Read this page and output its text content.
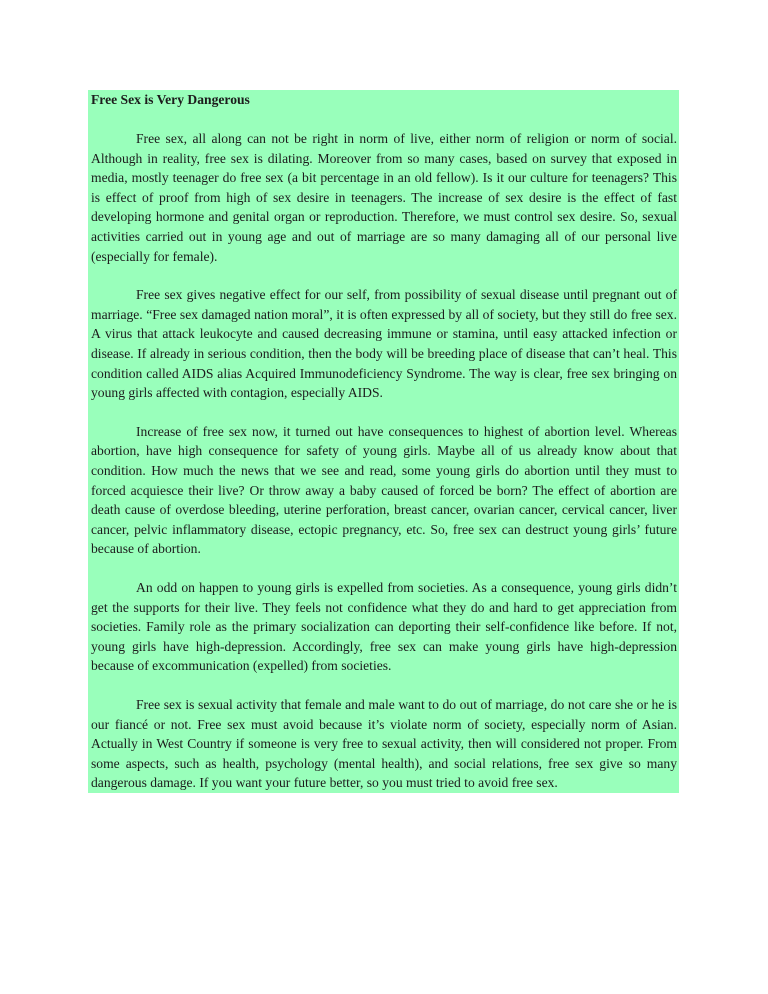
Free Sex is Very Dangerous

Free sex, all along can not be right in norm of live, either norm of religion or norm of social. Although in reality, free sex is dilating. Moreover from so many cases, based on survey that exposed in media, mostly teenager do free sex (a bit percentage in an old fellow). Is it our culture for teenagers? This is effect of proof from high of sex desire in teenagers. The increase of sex desire is the effect of fast developing hormone and genital organ or reproduction. Therefore, we must control sex desire. So, sexual activities carried out in young age and out of marriage are so many damaging all of our personal live (especially for female).

Free sex gives negative effect for our self, from possibility of sexual disease until pregnant out of marriage. “Free sex damaged nation moral”, it is often expressed by all of society, but they still do free sex. A virus that attack leukocyte and caused decreasing immune or stamina, until easy attacked infection or disease. If already in serious condition, then the body will be breeding place of disease that can’t heal. This condition called AIDS alias Acquired Immunodeficiency Syndrome. The way is clear, free sex bringing on young girls affected with contagion, especially AIDS.

Increase of free sex now, it turned out have consequences to highest of abortion level. Whereas abortion, have high consequence for safety of young girls. Maybe all of us already know about that condition. How much the news that we see and read, some young girls do abortion until they must to forced acquiesce their live? Or throw away a baby caused of forced be born? The effect of abortion are death cause of overdose bleeding, uterine perforation, breast cancer, ovarian cancer, cervical cancer, liver cancer, pelvic inflammatory disease, ectopic pregnancy, etc. So, free sex can destruct young girls’ future because of abortion.

An odd on happen to young girls is expelled from societies. As a consequence, young girls didn’t get the supports for their live. They feels not confidence what they do and hard to get appreciation from societies. Family role as the primary socialization can deporting their self-confidence like before. If not, young girls have high-depression. Accordingly, free sex can make young girls have high-depression because of excommunication (expelled) from societies.

Free sex is sexual activity that female and male want to do out of marriage, do not care she or he is our fiancé or not. Free sex must avoid because it’s violate norm of society, especially norm of Asian. Actually in West Country if someone is very free to sexual activity, then will considered not proper. From some aspects, such as health, psychology (mental health), and social relations, free sex give so many dangerous damage. If you want your future better, so you must tried to avoid free sex.
